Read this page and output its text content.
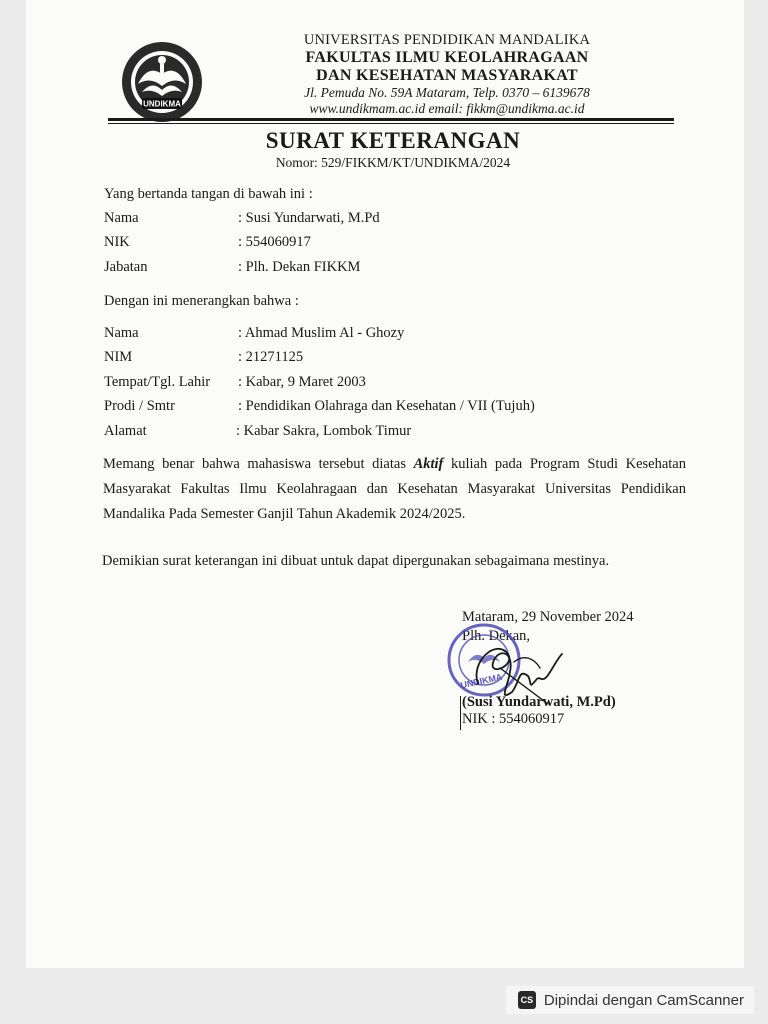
UNDIKMA
UNIVERSITAS PENDIDIKAN MANDALIKA
FAKULTAS ILMU KEOLAHRAGAAN
DAN KESEHATAN MASYARAKAT
Jl. Pemuda No. 59A Mataram, Telp. 0370 – 6139678
www.undikmam.ac.id email: fikkm@undikma.ac.id
SURAT KETERANGAN
Nomor: 529/FIKKM/KT/UNDIKMA/2024
Yang bertanda tangan di bawah ini :
Nama	: Susi Yundarwati, M.Pd
NIK	: 554060917
Jabatan	: Plh. Dekan FIKKM
Dengan ini menerangkan bahwa :
Nama	: Ahmad Muslim Al - Ghozy
NIM	: 21271125
Tempat/Tgl. Lahir : Kabar, 9 Maret 2003
Prodi / Smtr	: Pendidikan Olahraga dan Kesehatan / VII (Tujuh)
Alamat	: Kabar Sakra, Lombok Timur
Memang benar bahwa mahasiswa tersebut diatas Aktif kuliah pada Program Studi Kesehatan Masyarakat Fakultas Ilmu Keolahragaan dan Kesehatan Masyarakat Universitas Pendidikan Mandalika Pada Semester Ganjil Tahun Akademik 2024/2025.
Demikian surat keterangan ini dibuat untuk dapat dipergunakan sebagaimana mestinya.
Mataram, 29 November 2024
Plh. Dekan,
UNDIKMA
(Susi Yundarwati, M.Pd)
NIK : 554060917
CS Dipindai dengan CamScanner
